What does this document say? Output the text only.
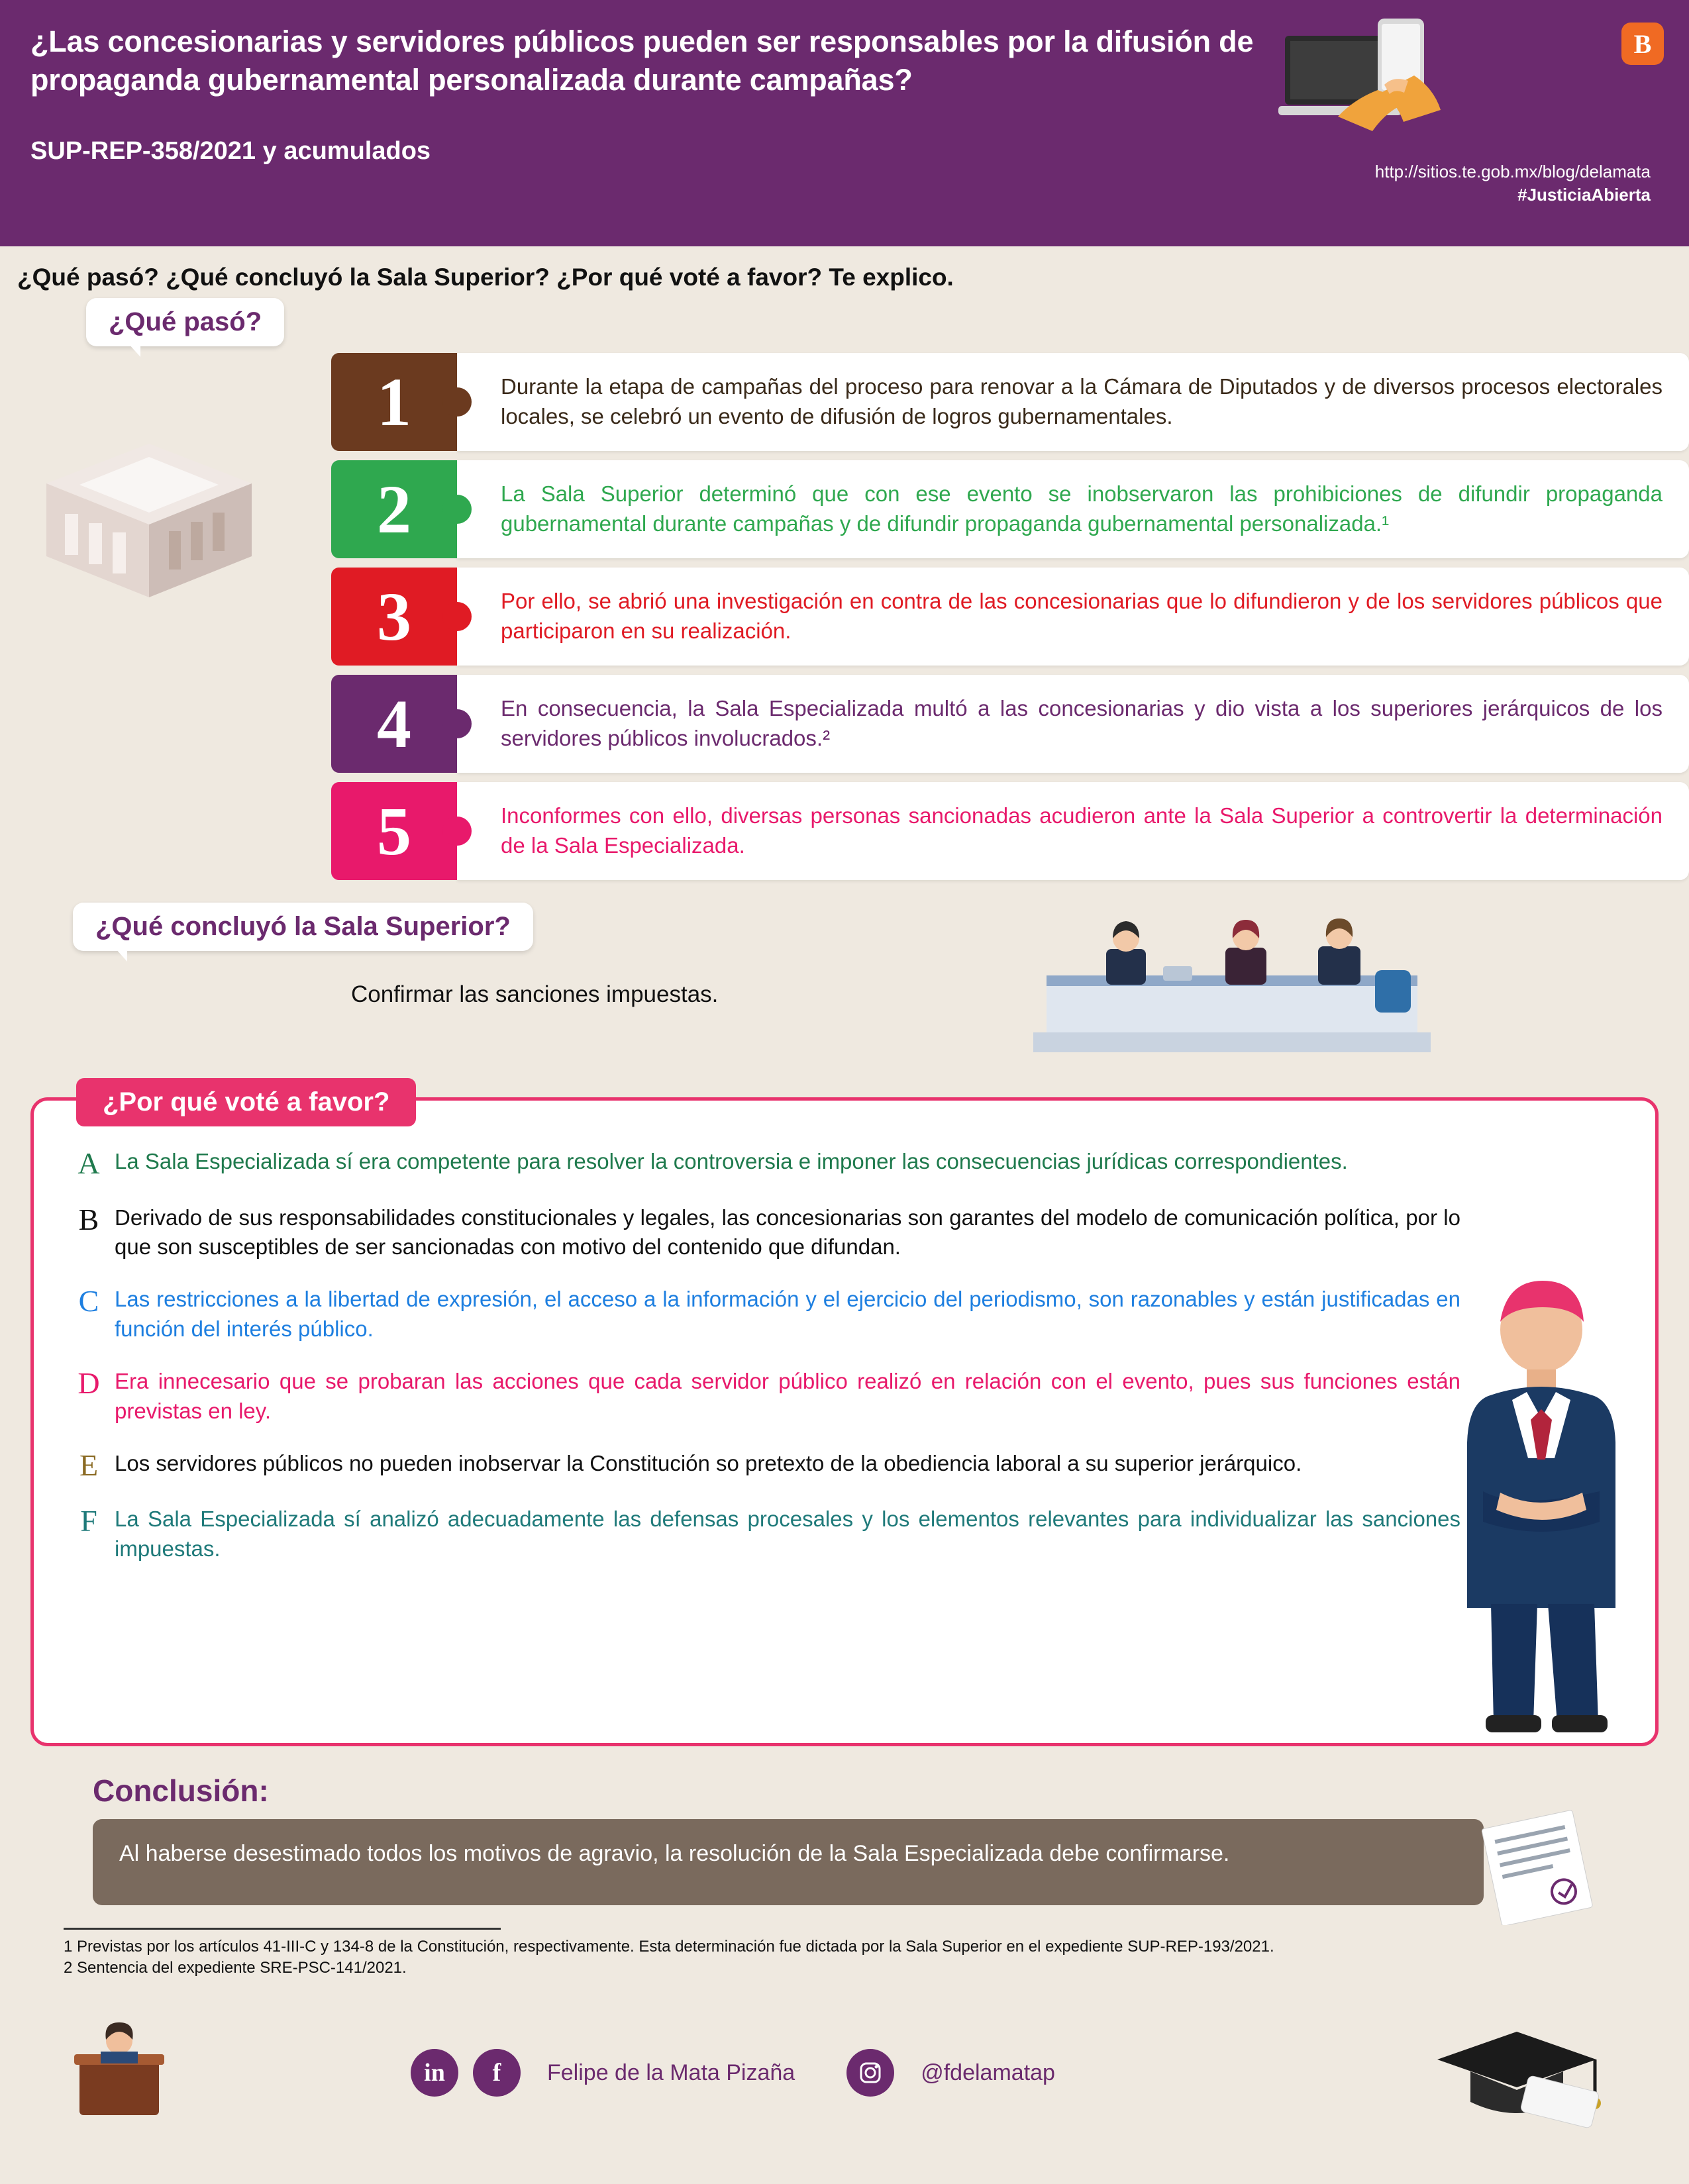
¿Las concesionarias y servidores públicos pueden ser responsables por la difusión de propaganda gubernamental personalizada durante campañas?
SUP-REP-358/2021 y acumulados
http://sitios.te.gob.mx/blog/delamata
#JusticiaAbierta
B
¿Qué pasó? ¿Qué concluyó la Sala Superior? ¿Por qué voté a favor? Te explico.
¿Qué pasó?
1	Durante la etapa de campañas del proceso para renovar a la Cámara de Diputados y de diversos procesos electorales locales, se celebró un evento de difusión de logros gubernamentales.
2	La Sala Superior determinó que con ese evento se inobservaron las prohibiciones de difundir propaganda gubernamental durante campañas y de difundir propaganda gubernamental personalizada.¹
3	Por ello, se abrió una investigación en contra de las concesionarias que lo difundieron y de los servidores públicos que participaron en su realización.
4	En consecuencia, la Sala Especializada multó a las concesionarias y dio vista a los superiores jerárquicos de los servidores públicos involucrados.²
5	Inconformes con ello, diversas personas sancionadas acudieron ante la Sala Superior a controvertir la determinación de la Sala Especializada.
¿Qué concluyó la Sala Superior?
Confirmar las sanciones impuestas.
¿Por qué voté a favor?
A La Sala Especializada sí era competente para resolver la controversia e imponer las consecuencias jurídicas correspondientes.
B Derivado de sus responsabilidades constitucionales y legales, las concesionarias son garantes del modelo de comunicación política, por lo que son susceptibles de ser sancionadas con motivo del contenido que difundan.
C Las restricciones a la libertad de expresión, el acceso a la información y el ejercicio del periodismo, son razonables y están justificadas en función del interés público.
D Era innecesario que se probaran las acciones que cada servidor público realizó en relación con el evento, pues sus funciones están previstas en ley.
E Los servidores públicos no pueden inobservar la Constitución so pretexto de la obediencia laboral a su superior jerárquico.
F La Sala Especializada sí analizó adecuadamente las defensas procesales y los elementos relevantes para individualizar las sanciones impuestas.
Conclusión:
Al haberse desestimado todos los motivos de agravio, la resolución de la Sala Especializada debe confirmarse.

1 Previstas por los artículos 41-III-C y 134-8 de la Constitución, respectivamente. Esta determinación fue dictada por la Sala Superior en el expediente SUP-REP-193/2021.

2 Sentencia del expediente SRE-PSC-141/2021.

in	f	Felipe de la Mata Pizaña	@fdelamatap
